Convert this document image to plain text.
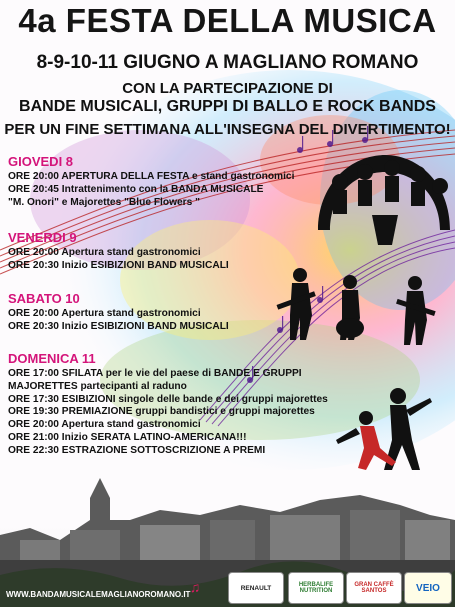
4a FESTA DELLA MUSICA
8-9-10-11 GIUGNO A MAGLIANO ROMANO
CON LA PARTECIPAZIONE DI
BANDE MUSICALI, GRUPPI DI BALLO E ROCK BANDS
PER UN FINE SETTIMANA ALL'INSEGNA DEL DIVERTIMENTO!
GIOVEDI 8
ORE 20:00 APERTURA DELLA FESTA e stand gastronomici
ORE 20:45 Intrattenimento con la BANDA MUSICALE
"M. Onori" e Majorettes "Blue Flowers "
VENERDI 9
ORE 20:00 Apertura stand gastronomici
ORE 20:30 Inizio ESIBIZIONI BAND MUSICALI
SABATO 10
ORE 20:00 Apertura stand gastronomici
ORE 20:30 Inizio ESIBIZIONI BAND MUSICALI
DOMENICA 11
ORE 17:00 SFILATA per le vie del paese di BANDE E GRUPPI
MAJORETTES partecipanti al raduno
ORE 17:30 ESIBIZIONI singole delle bande e dei gruppi majorettes
ORE 19:30 PREMIAZIONE gruppi bandistici e gruppi majorettes
ORE 20:00 Apertura stand gastronomici
ORE 21:00 Inizio SERATA LATINO-AMERICANA!!!
ORE 22:30 ESTRAZIONE SOTTOSCRIZIONE A PREMI
WWW.BANDAMUSICALEMAGLIANOROMANO.IT ♫	RENAULT	HERBALIFE NUTRITION
GRAN CAFFÈ SANTOS	VEIO
